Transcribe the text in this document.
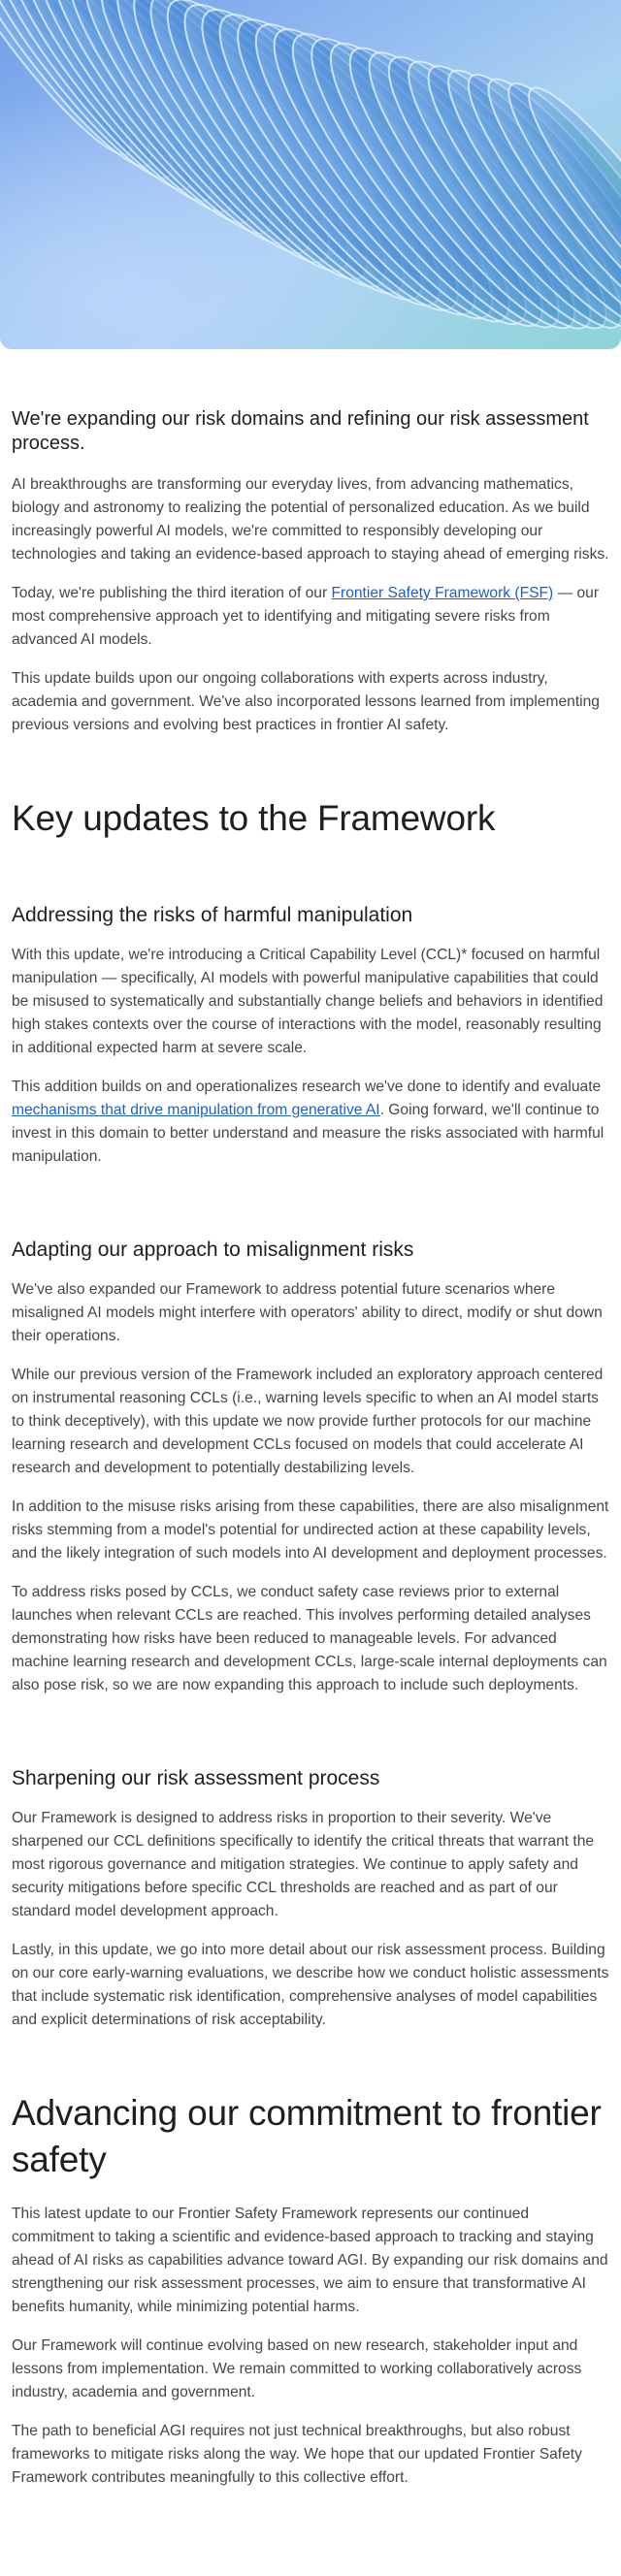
We're expanding our risk domains and refining our risk assessment process.

AI breakthroughs are transforming our everyday lives, from advancing mathematics, biology and astronomy to realizing the potential of personalized education. As we build increasingly powerful AI models, we're committed to responsibly developing our technologies and taking an evidence-based approach to staying ahead of emerging risks.

Today, we're publishing the third iteration of our Frontier Safety Framework (FSF) — our most comprehensive approach yet to identifying and mitigating severe risks from advanced AI models.

This update builds upon our ongoing collaborations with experts across industry, academia and government. We've also incorporated lessons learned from implementing previous versions and evolving best practices in frontier AI safety.

Key updates to the Framework
Addressing the risks of harmful manipulation

With this update, we're introducing a Critical Capability Level (CCL)* focused on harmful manipulation — specifically, AI models with powerful manipulative capabilities that could be misused to systematically and substantially change beliefs and behaviors in identified high stakes contexts over the course of interactions with the model, reasonably resulting in additional expected harm at severe scale.

This addition builds on and operationalizes research we've done to identify and evaluate mechanisms that drive manipulation from generative AI. Going forward, we'll continue to invest in this domain to better understand and measure the risks associated with harmful manipulation.

Adapting our approach to misalignment risks

We've also expanded our Framework to address potential future scenarios where misaligned AI models might interfere with operators' ability to direct, modify or shut down their operations.

While our previous version of the Framework included an exploratory approach centered on instrumental reasoning CCLs (i.e., warning levels specific to when an AI model starts to think deceptively), with this update we now provide further protocols for our machine learning research and development CCLs focused on models that could accelerate AI research and development to potentially destabilizing levels.

In addition to the misuse risks arising from these capabilities, there are also misalignment risks stemming from a model's potential for undirected action at these capability levels, and the likely integration of such models into AI development and deployment processes.

To address risks posed by CCLs, we conduct safety case reviews prior to external launches when relevant CCLs are reached. This involves performing detailed analyses demonstrating how risks have been reduced to manageable levels. For advanced machine learning research and development CCLs, large-scale internal deployments can also pose risk, so we are now expanding this approach to include such deployments.

Sharpening our risk assessment process

Our Framework is designed to address risks in proportion to their severity. We've sharpened our CCL definitions specifically to identify the critical threats that warrant the most rigorous governance and mitigation strategies. We continue to apply safety and security mitigations before specific CCL thresholds are reached and as part of our standard model development approach.

Lastly, in this update, we go into more detail about our risk assessment process. Building on our core early-warning evaluations, we describe how we conduct holistic assessments that include systematic risk identification, comprehensive analyses of model capabilities and explicit determinations of risk acceptability.

Advancing our commitment to frontier safety

This latest update to our Frontier Safety Framework represents our continued commitment to taking a scientific and evidence-based approach to tracking and staying ahead of AI risks as capabilities advance toward AGI. By expanding our risk domains and strengthening our risk assessment processes, we aim to ensure that transformative AI benefits humanity, while minimizing potential harms.

Our Framework will continue evolving based on new research, stakeholder input and lessons from implementation. We remain committed to working collaboratively across industry, academia and government.

The path to beneficial AGI requires not just technical breakthroughs, but also robust frameworks to mitigate risks along the way. We hope that our updated Frontier Safety Framework contributes meaningfully to this collective effort.
